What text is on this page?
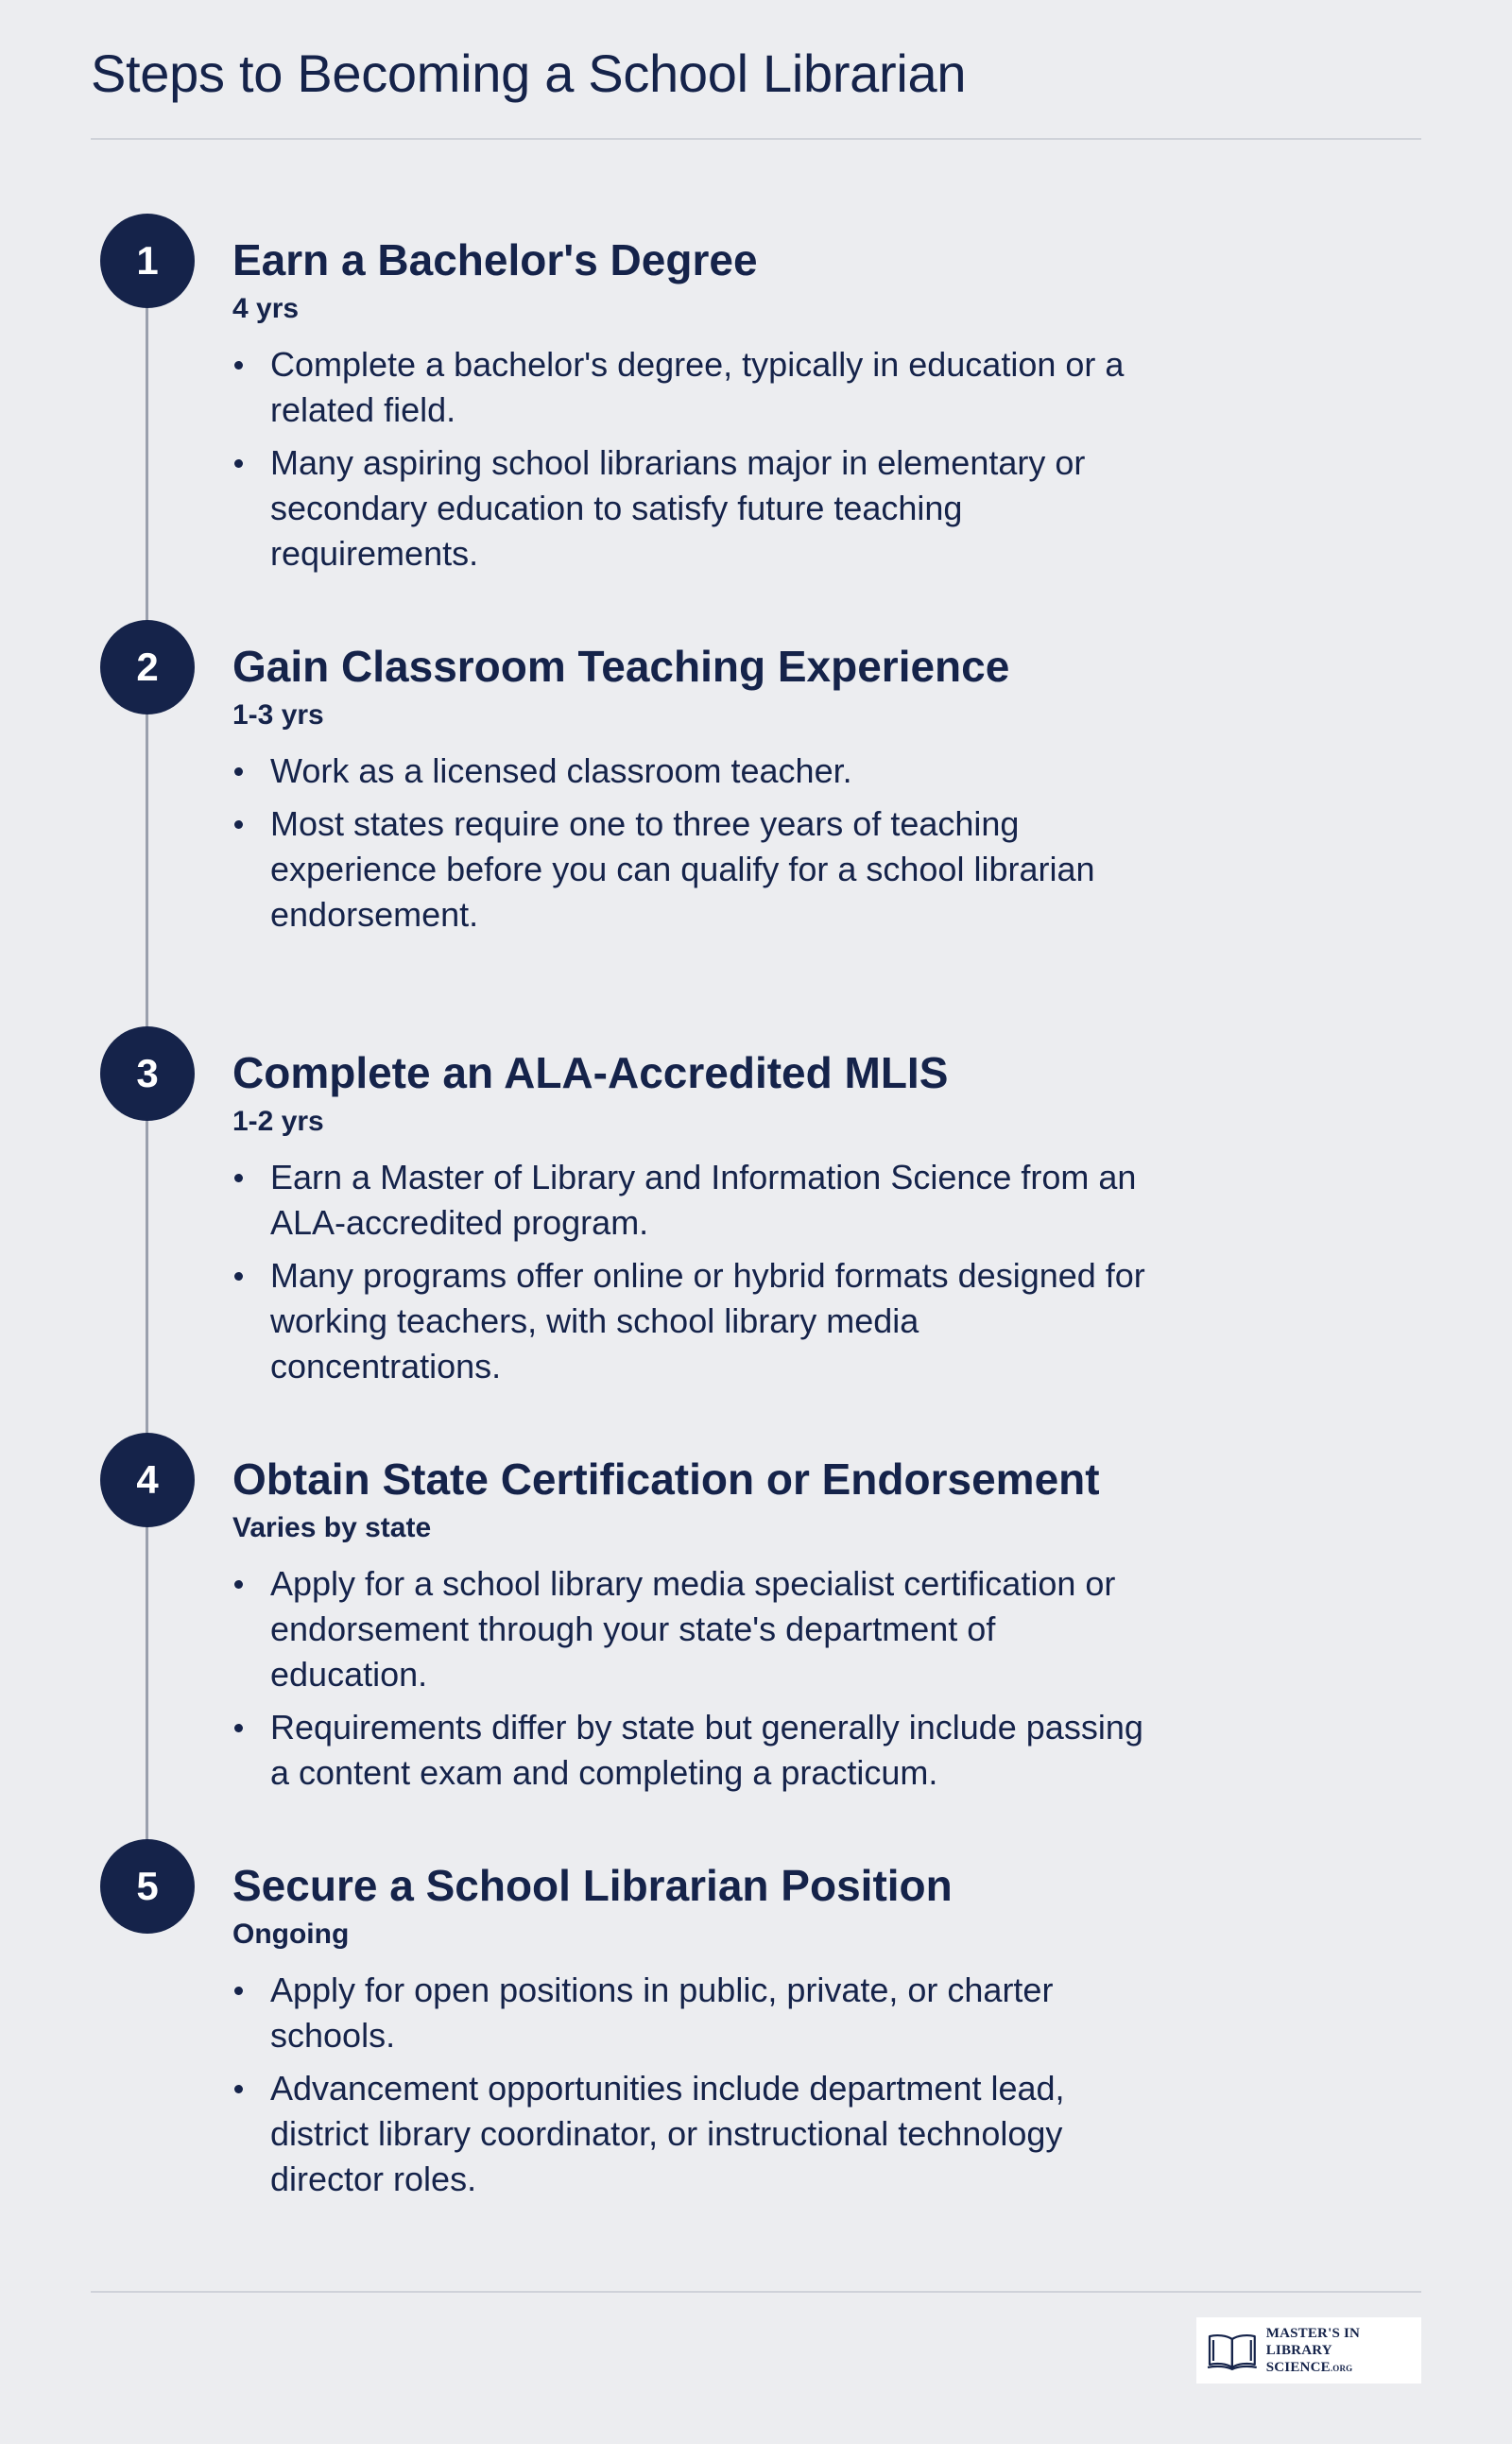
Steps to Becoming a School Librarian
1	Earn a Bachelor's Degree
4 yrs
Complete a bachelor's degree, typically in education or a related field.
Many aspiring school librarians major in elementary or secondary education to satisfy future teaching requirements.
2	Gain Classroom Teaching Experience
1-3 yrs
Work as a licensed classroom teacher.
Most states require one to three years of teaching experience before you can qualify for a school librarian endorsement.
3	Complete an ALA-Accredited MLIS
1-2 yrs
Earn a Master of Library and Information Science from an ALA-accredited program.
Many programs offer online or hybrid formats designed for working teachers, with school library media concentrations.
4	Obtain State Certification or Endorsement
Varies by state
Apply for a school library media specialist certification or endorsement through your state's department of education.
Requirements differ by state but generally include passing a content exam and completing a practicum.
5	Secure a School Librarian Position
Ongoing
Apply for open positions in public, private, or charter schools.
Advancement opportunities include department lead, district library coordinator, or instructional technology director roles.
MASTER'S IN
LIBRARY SCIENCE.ORG
